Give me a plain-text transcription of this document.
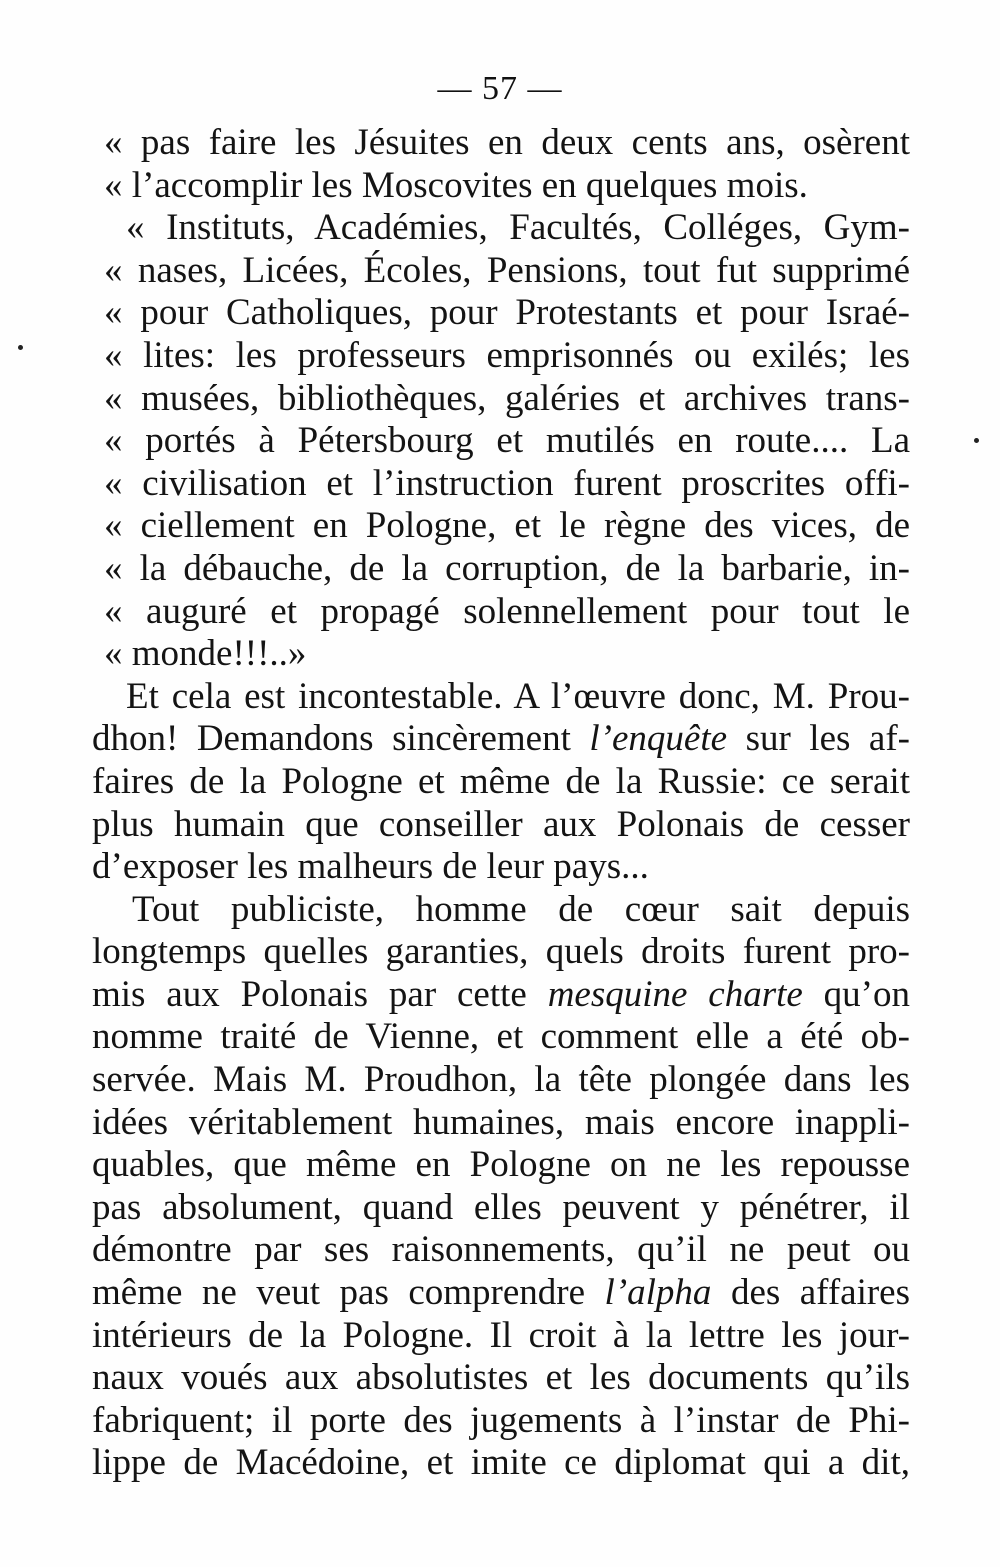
— 57 —
« pas faire les Jésuites en deux cents ans, osèrent
« l’accomplir les Moscovites en quelques mois.
« Instituts, Académies, Facultés, Colléges, Gym-
« nases, Licées, Écoles, Pensions, tout fut supprimé
« pour Catholiques, pour Protestants et pour Israé-
« lites: les professeurs emprisonnés ou exilés; les
« musées, bibliothèques, galéries et archives trans-
« portés à Pétersbourg et mutilés en route.... La
« civilisation et l’instruction furent proscrites offi-
« ciellement en Pologne, et le règne des vices, de
« la débauche, de la corruption, de la barbarie, in-
« auguré et propagé solennellement pour tout le
« monde!!!..»
Et cela est incontestable. A l’œuvre donc, M. Prou-
dhon! Demandons sincèrement l’enquête sur les af-
faires de la Pologne et même de la Russie: ce serait
plus humain que conseiller aux Polonais de cesser
d’exposer les malheurs de leur pays...
Tout publiciste, homme de cœur sait depuis
longtemps quelles garanties, quels droits furent pro-
mis aux Polonais par cette mesquine charte qu’on
nomme traité de Vienne, et comment elle a été ob-
servée. Mais M. Proudhon, la tête plongée dans les
idées véritablement humaines, mais encore inappli-
quables, que même en Pologne on ne les repousse
pas absolument, quand elles peuvent y pénétrer, il
démontre par ses raisonnements, qu’il ne peut ou
même ne veut pas comprendre l’alpha des affaires
intérieurs de la Pologne. Il croit à la lettre les jour-
naux voués aux absolutistes et les documents qu’ils
fabriquent; il porte des jugements à l’instar de Phi-
lippe de Macédoine, et imite ce diplomat qui a dit,
